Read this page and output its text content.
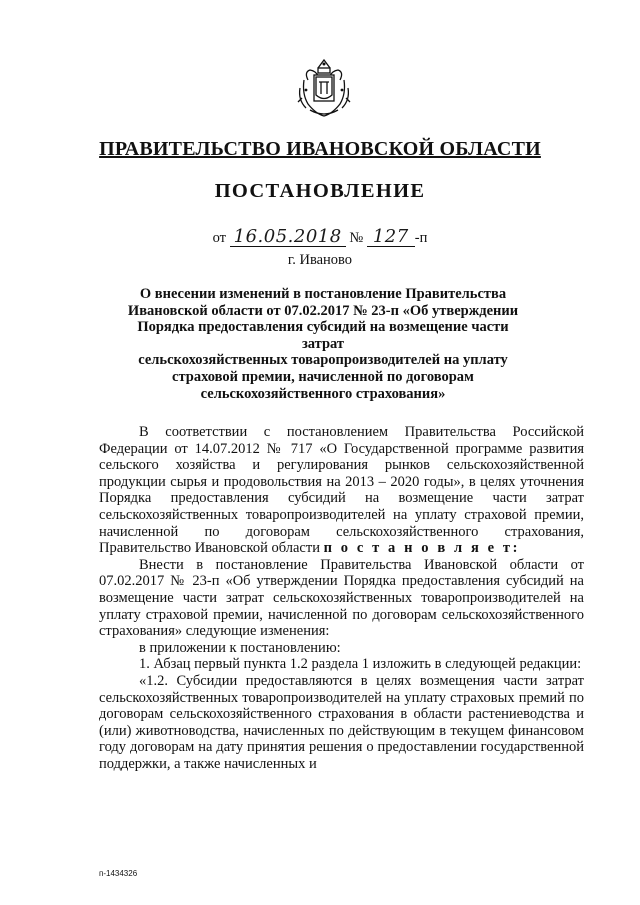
ПРАВИТЕЛЬСТВО ИВАНОВСКОЙ ОБЛАСТИ
ПОСТАНОВЛЕНИЕ
от 16.05.2018 № 127 -п
г. Иваново
О внесении изменений в постановление Правительства
Ивановской области от 07.02.2017 № 23-п «Об утверждении
Порядка предоставления субсидий на возмещение части затрат
сельскохозяйственных товаропроизводителей на уплату
страховой премии, начисленной по договорам
сельскохозяйственного страхования»

В соответствии с постановлением Правительства Российской Федерации от 14.07.2012 № 717 «О Государственной программе развития сельского хозяйства и регулирования рынков сельскохозяйственной продукции сырья и продовольствия на 2013 – 2020 годы», в целях уточнения Порядка предоставления субсидий на возмещение части затрат сельскохозяйственных товаропроизводителей на уплату страховой премии, начисленной по договорам сельскохозяйственного страхования, Правительство Ивановской области п о с т а н о в л я е т:

Внести в постановление Правительства Ивановской области от 07.02.2017 № 23-п «Об утверждении Порядка предоставления субсидий на возмещение части затрат сельскохозяйственных товаропроизводителей на уплату страховой премии, начисленной по договорам сельскохозяйственного страхования» следующие изменения:

в приложении к постановлению:

1. Абзац первый пункта 1.2 раздела 1 изложить в следующей редакции:

«1.2. Субсидии предоставляются в целях возмещения части затрат сельскохозяйственных товаропроизводителей на уплату страховых премий по договорам сельскохозяйственного страхования в области растениеводства и (или) животноводства, начисленных по действующим в текущем финансовом году договорам на дату принятия решения о предоставлении государственной поддержки, а также начисленных и

п-1434326
